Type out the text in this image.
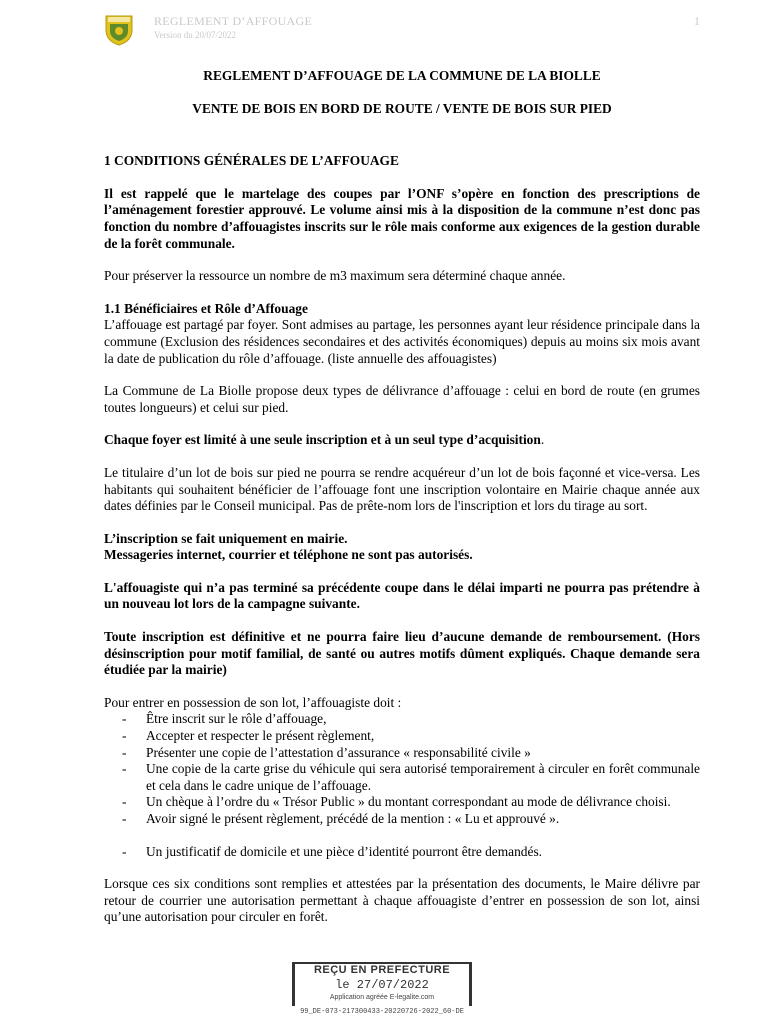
REGLEMENT D’AFFOUAGE
Version du 20/07/2022
1
REGLEMENT D’AFFOUAGE DE LA COMMUNE DE LA BIOLLE
VENTE DE BOIS EN BORD DE ROUTE / VENTE DE BOIS SUR PIED
1 CONDITIONS GÉNÉRALES DE L’AFFOUAGE

Il est rappelé que le martelage des coupes par l’ONF s’opère en fonction des prescriptions de l’aménagement forestier approuvé. Le volume ainsi mis à la disposition de la commune n’est donc pas fonction du nombre d’affouagistes inscrits sur le rôle mais conforme aux exigences de la gestion durable de la forêt communale.

Pour préserver la ressource un nombre de m3 maximum sera déterminé chaque année.

1.1 Bénéficiaires et Rôle d’Affouage

L’affouage est partagé par foyer. Sont admises au partage, les personnes ayant leur résidence principale dans la commune (Exclusion des résidences secondaires et des activités économiques) depuis au moins six mois avant la date de publication du rôle d’affouage. (liste annuelle des affouagistes)

La Commune de La Biolle propose deux types de délivrance d’affouage : celui en bord de route (en grumes toutes longueurs) et celui sur pied.

Chaque foyer est limité à une seule inscription et à un seul type d’acquisition.

Le titulaire d’un lot de bois sur pied ne pourra se rendre acquéreur d’un lot de bois façonné et vice-versa. Les habitants qui souhaitent bénéficier de l’affouage font une inscription volontaire en Mairie chaque année aux dates définies par le Conseil municipal. Pas de prête-nom lors de l'inscription et lors du tirage au sort.

L’inscription se fait uniquement en mairie.
Messageries internet, courrier et téléphone ne sont pas autorisés.

L'affouagiste qui n’a pas terminé sa précédente coupe dans le délai imparti ne pourra pas prétendre à un nouveau lot lors de la campagne suivante.

Toute inscription est définitive et ne pourra faire lieu d’aucune demande de remboursement. (Hors désinscription pour motif familial, de santé ou autres motifs dûment expliqués. Chaque demande sera étudiée par la mairie)

Pour entrer en possession de son lot, l’affouagiste doit :

- Être inscrit sur le rôle d’affouage,
- Accepter et respecter le présent règlement,
- Présenter une copie de l’attestation d’assurance « responsabilité civile »
- Une copie de la carte grise du véhicule qui sera autorisé temporairement à circuler en forêt communale et cela dans le cadre unique de l’affouage.
- Un chèque à l’ordre du « Trésor Public » du montant correspondant au mode de délivrance choisi.
- Avoir signé le présent règlement, précédé de la mention : « Lu et approuvé ».
- Un justificatif de domicile et une pièce d’identité pourront être demandés.

Lorsque ces six conditions sont remplies et attestées par la présentation des documents, le Maire délivre par retour de courrier une autorisation permettant à chaque affouagiste d’entrer en possession de son lot, ainsi qu’une autorisation pour circuler en forêt.

REÇU EN PREFECTURE
le 27/07/2022
Application agréée E-legalite.com
99_DE-073-217300433-20220726-2022_60-DE
